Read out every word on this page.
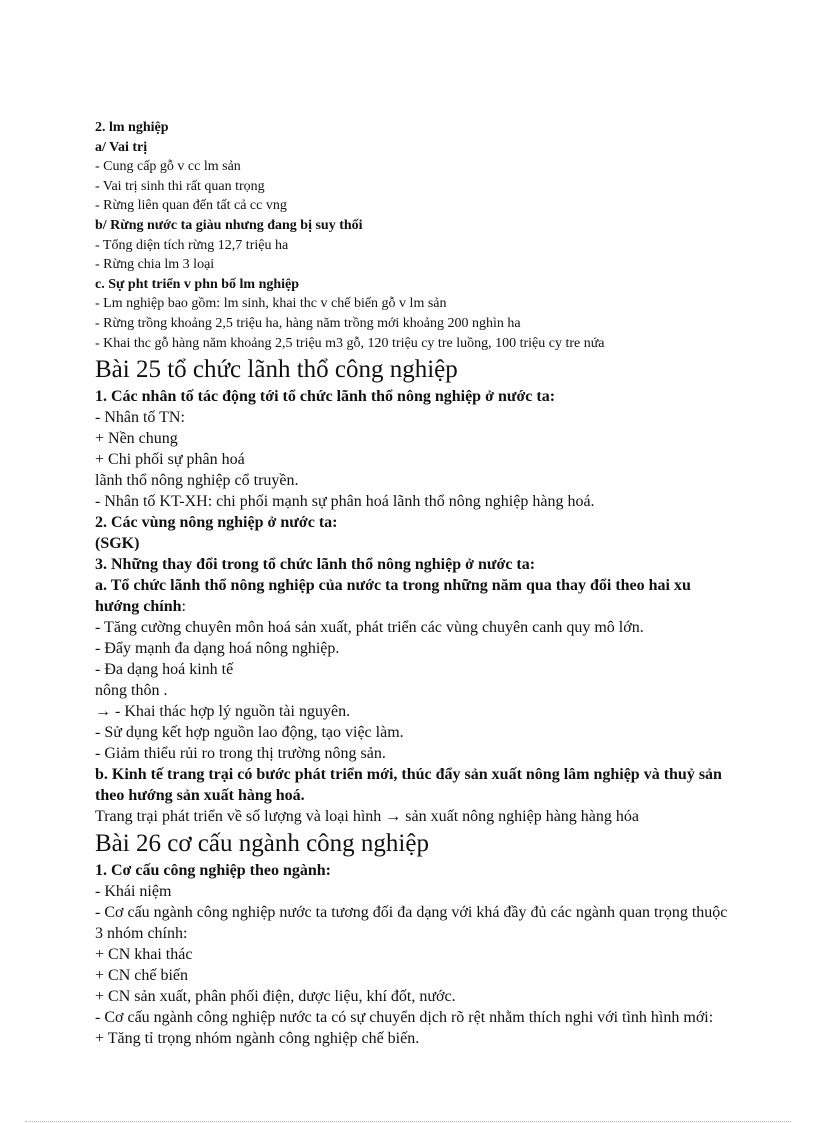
2. lm nghiệp
a/ Vai trị
- Cung cấp gỗ v cc lm sản
- Vai trị sinh thi rất quan trọng
- Rừng liên quan đến tất cả cc vng
b/ Rừng nước ta giàu nhưng đang bị suy thối
- Tổng diện tích rừng 12,7 triệu ha
- Rừng chia lm 3 loại
c. Sự pht triển v phn bố lm nghiệp
- Lm nghiệp bao gồm: lm sinh, khai thc v chế biến gỗ v lm sản
- Rừng trồng khoảng 2,5 triệu ha, hàng năm trồng mới khoảng 200 nghìn ha
- Khai thc gỗ hàng năm khoảng 2,5 triệu m3 gỗ, 120 triệu cy tre luồng, 100 triệu cy tre nứa
Bài 25 tổ chức lãnh thổ công nghiệp
1. Các nhân tố tác động tới tổ chức lãnh thổ nông nghiệp ở nước ta:
- Nhân tố TN:
+ Nền chung
+ Chi phối sự phân hoá
lãnh thổ nông nghiệp cổ truyền.
- Nhân tố KT-XH: chi phối mạnh sự phân hoá lãnh thổ nông nghiệp hàng hoá.
2. Các vùng nông nghiệp ở nước ta:
(SGK)
3. Những thay đổi trong tổ chức lãnh thổ nông nghiệp ở nước ta:
a. Tổ chức lãnh thổ nông nghiệp của nước ta trong những năm qua thay đổi theo hai xu hướng chính:
- Tăng cường chuyên môn hoá sản xuất, phát triển các vùng chuyên canh quy mô lớn.
- Đẩy mạnh đa dạng hoá nông nghiệp.
- Đa dạng hoá kinh tế
nông thôn .
→ - Khai thác hợp lý nguồn tài nguyên.
- Sử dụng kết hợp nguồn lao động, tạo việc làm.
- Giảm thiểu rủi ro trong thị trường nông sản.
b. Kinh tế trang trại có bước phát triển mới, thúc đẩy sản xuất nông lâm nghiệp và thuỷ sản theo hướng sản xuất hàng hoá.
Trang trại phát triển về số lượng và loại hình → sản xuất nông nghiệp hàng hàng hóa
Bài 26 cơ cấu ngành công nghiệp
1. Cơ cấu công nghiệp theo ngành:
- Khái niệm
- Cơ cấu ngành công nghiệp nước ta tương đối đa dạng với khá đầy đủ các ngành quan trọng thuộc 3 nhóm chính:
+ CN khai thác
+ CN chế biến
+ CN sản xuất, phân phối điện, dược liệu, khí đốt, nước.
- Cơ cấu ngành công nghiệp nước ta có sự chuyển dịch rõ rệt nhằm thích nghi với tình hình mới:
+ Tăng tỉ trọng nhóm ngành công nghiệp chế biến.
